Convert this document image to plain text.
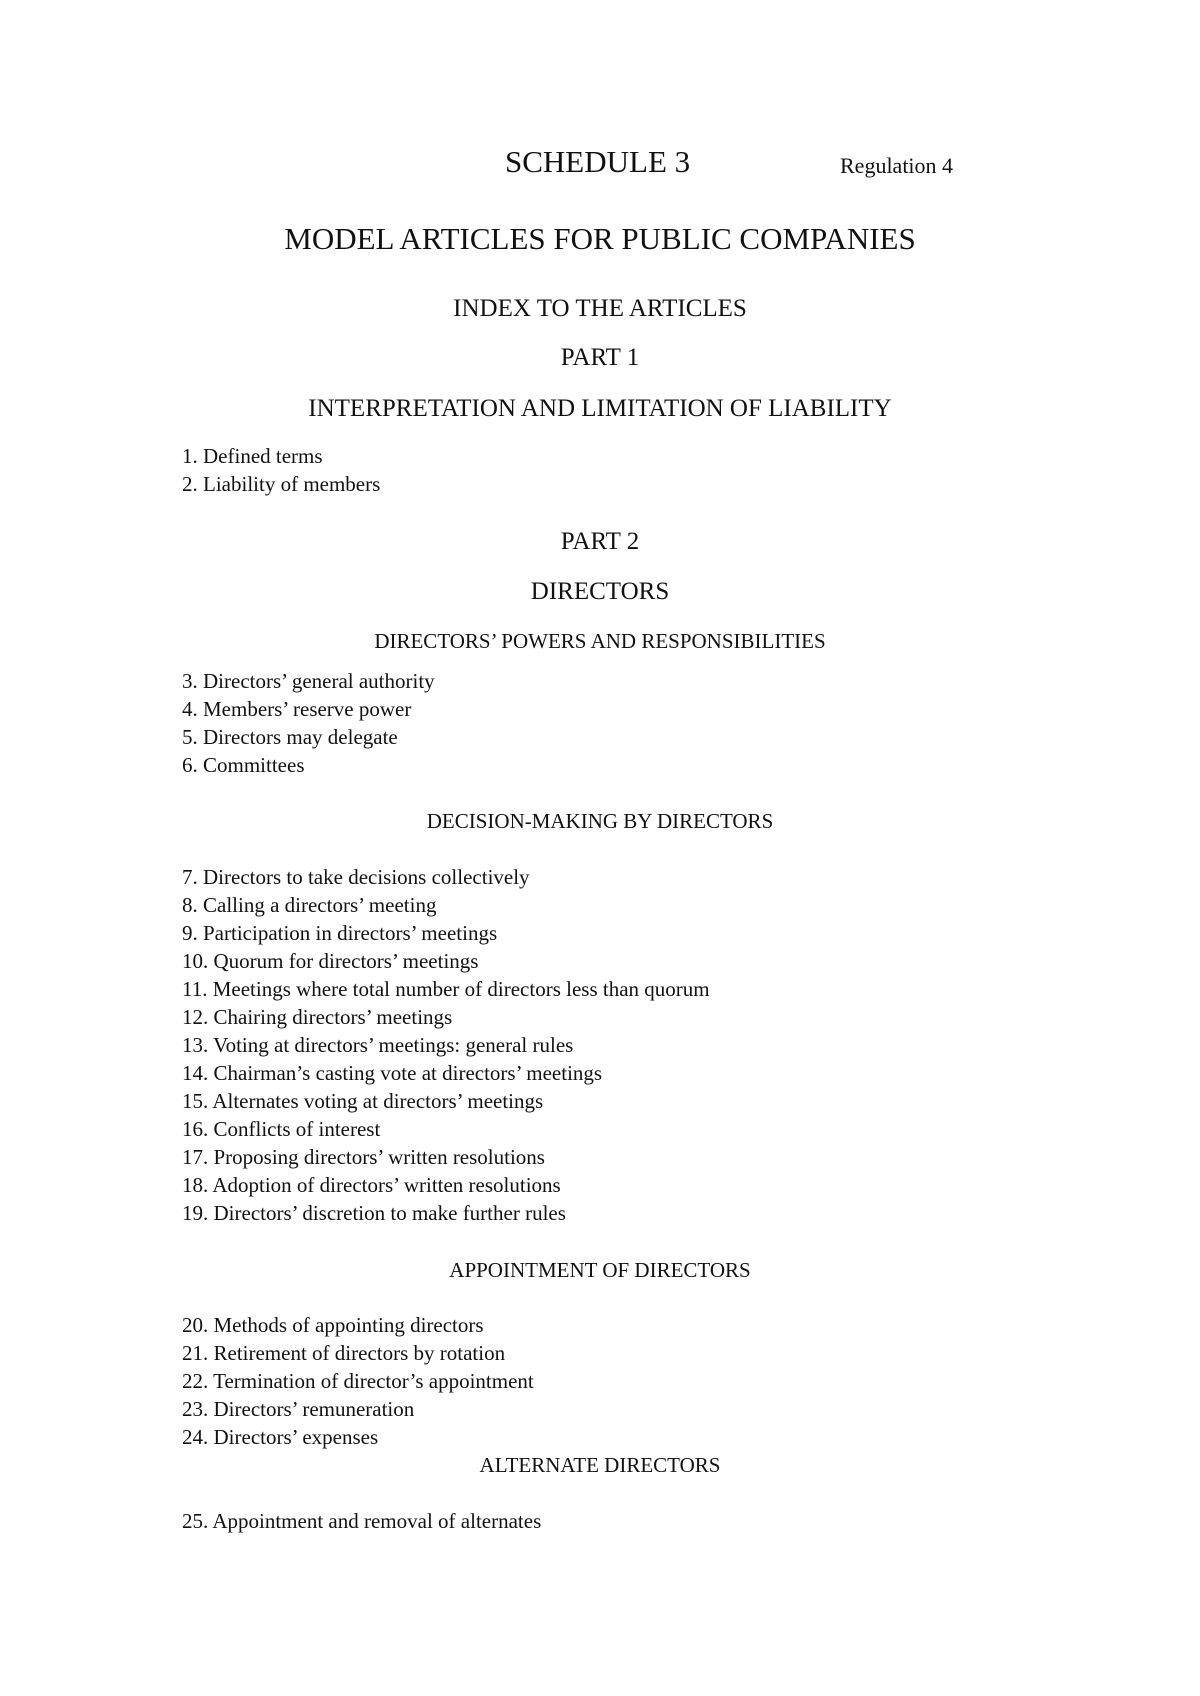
SCHEDULE 3	Regulation 4
MODEL ARTICLES FOR PUBLIC COMPANIES
INDEX TO THE ARTICLES
PART 1
INTERPRETATION AND LIMITATION OF LIABILITY
1. Defined terms
2. Liability of members
PART 2
DIRECTORS
DIRECTORS’ POWERS AND RESPONSIBILITIES
3. Directors’ general authority
4. Members’ reserve power
5. Directors may delegate
6. Committees
DECISION-MAKING BY DIRECTORS
7. Directors to take decisions collectively
8. Calling a directors’ meeting
9. Participation in directors’ meetings
10. Quorum for directors’ meetings
11. Meetings where total number of directors less than quorum
12. Chairing directors’ meetings
13. Voting at directors’ meetings: general rules
14. Chairman’s casting vote at directors’ meetings
15. Alternates voting at directors’ meetings
16. Conflicts of interest
17. Proposing directors’ written resolutions
18. Adoption of directors’ written resolutions
19. Directors’ discretion to make further rules
APPOINTMENT OF DIRECTORS
20. Methods of appointing directors
21. Retirement of directors by rotation
22. Termination of director’s appointment
23. Directors’ remuneration
24. Directors’ expenses
ALTERNATE DIRECTORS
25. Appointment and removal of alternates
